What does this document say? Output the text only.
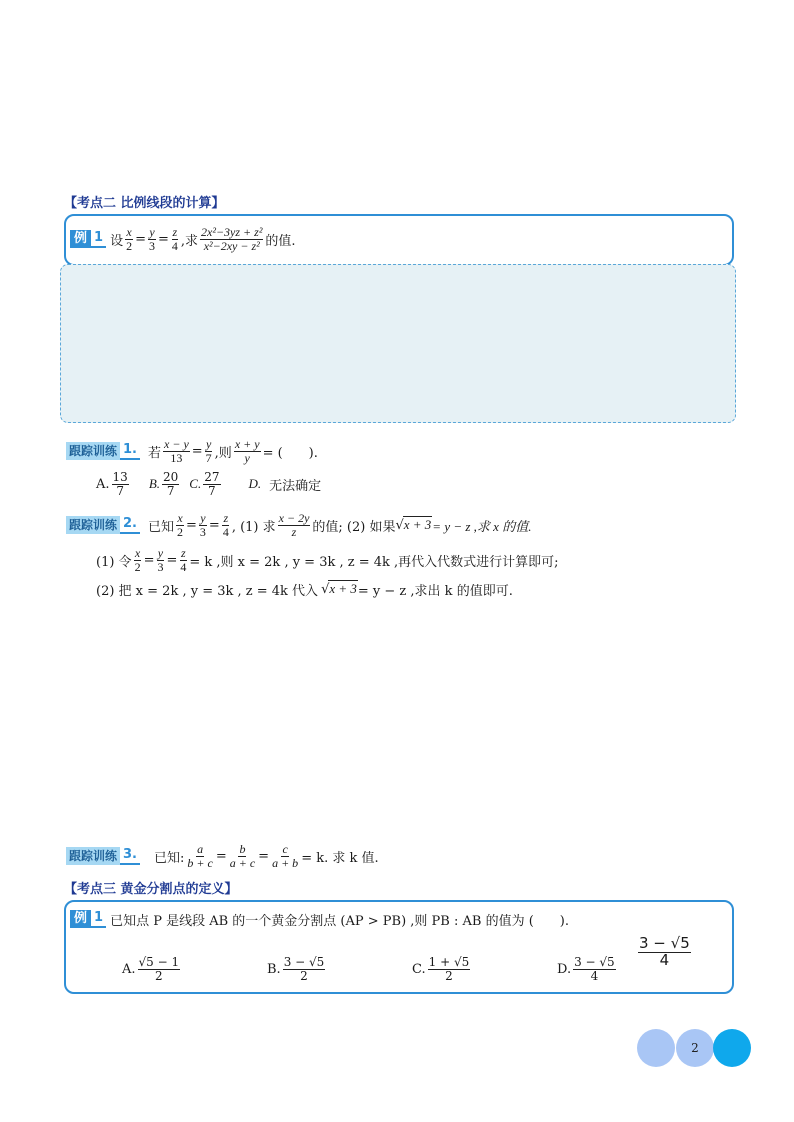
【考点二 比例线段的计算】
例 1 设 $\frac{x}{2} = \frac{y}{3} = \frac{z}{4}$ ,求 $\frac{\text{2x²−3yz + z²}}{\text{x²−2xy − z²}}$ 的值.
跟踪训练 1. 若 $\frac{x - y}{13} = \frac{y}{7}$ ,则 $\frac{x + y}{y}$ = (　　).
A. $\frac{13}{7} B$. $\frac{20}{7} C$. $\frac{27}{7} D$. 无法确定
跟踪训练 2. 已知 $\frac{x}{2} = \frac{y}{3} = \frac{z}{4}$ , (1) 求 $\frac{x - 2y}{z}$ 的值; (2) 如果 √x + 3 = y − z ,求 x 的值.
(1) 令 $\frac{x}{2} = \frac{y}{3} = \frac{z}{4} = k$ ,则 x = 2k , y = 3k , z = 4k ,再代入代数式进行计算即可;
(2) 把 x = 2k , y = 3k , z = 4k 代入 √x + 3 = y − z ,求出 k 的值即可.
跟踪训练 3. 已知: $\frac{a}{b + c} = \frac{b}{a + c} = \frac{c}{a + b} = k$. 求 k 值.
【考点三 黄金分割点的定义】
例 1 已知点 P 是线段 AB 的一个黄金分割点 (AP > PB) ,则 PB : AB 的值为 (　　).
A. $\frac{√5 - 1}{2}$	B. $\frac{3 - √5}{2}$	C. $\frac{1 + √5}{2}$	D. $\frac{3 - √5}{4}$
$\frac{3 - √5}{4}$
2
